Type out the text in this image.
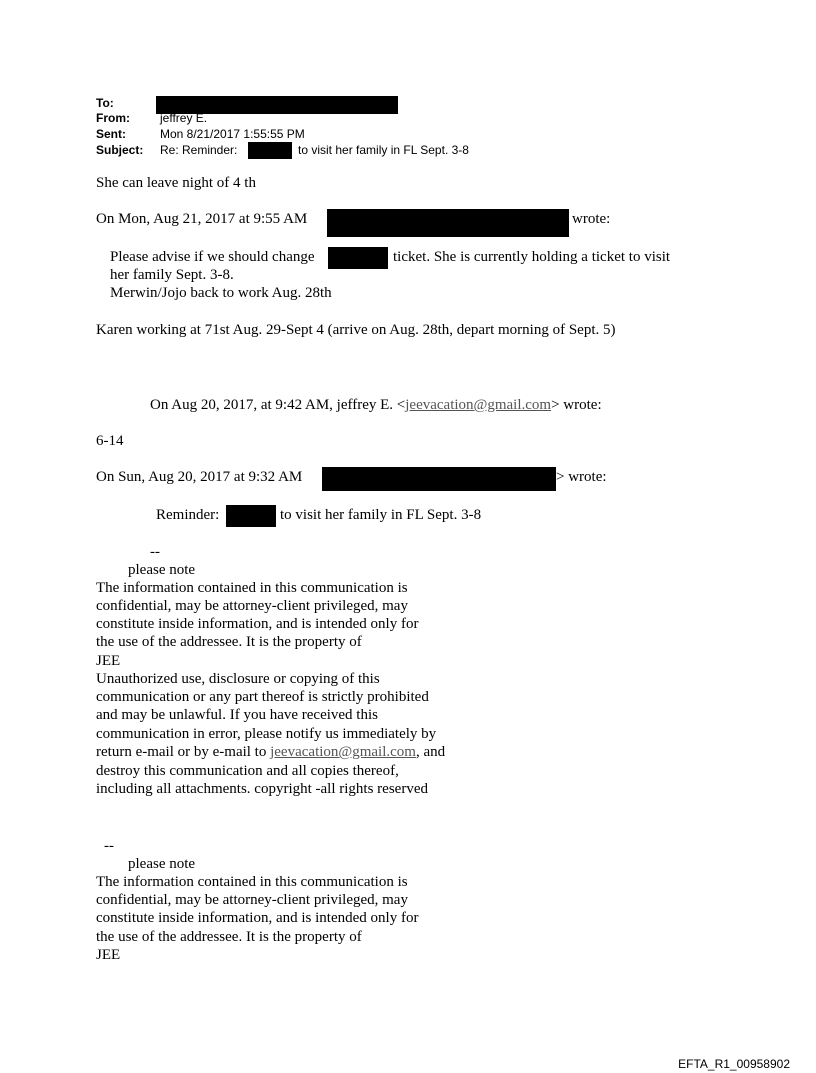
To:
From:	jeffrey E.
Sent:	Mon 8/21/2017 1:55:55 PM
Subject: Re: Reminder:	to visit her family in FL Sept. 3-8
She can leave night of 4 th
On Mon, Aug 21, 2017 at 9:55 AM	wrote:
Please advise if we should change	ticket. She is currently holding a ticket to visit
her family Sept. 3-8.
Merwin/Jojo back to work Aug. 28th
Karen working at 71st Aug. 29-Sept 4 (arrive on Aug. 28th, depart morning of Sept. 5)
On Aug 20, 2017, at 9:42 AM, jeffrey E. <jeevacation@gmail.com> wrote:
6-14
On Sun, Aug 20, 2017 at 9:32 AM	> wrote:
Reminder:	to visit her family in FL Sept. 3-8
--
please note
The information contained in this communication is
confidential, may be attorney-client privileged, may
constitute inside information, and is intended only for
the use of the addressee. It is the property of
JEE
Unauthorized use, disclosure or copying of this
communication or any part thereof is strictly prohibited
and may be unlawful. If you have received this
communication in error, please notify us immediately by
return e-mail or by e-mail to jeevacation@gmail.com, and
destroy this communication and all copies thereof,
including all attachments. copyright -all rights reserved
--
please note
The information contained in this communication is
confidential, may be attorney-client privileged, may
constitute inside information, and is intended only for
the use of the addressee. It is the property of
JEE
EFTA_R1_00958902
